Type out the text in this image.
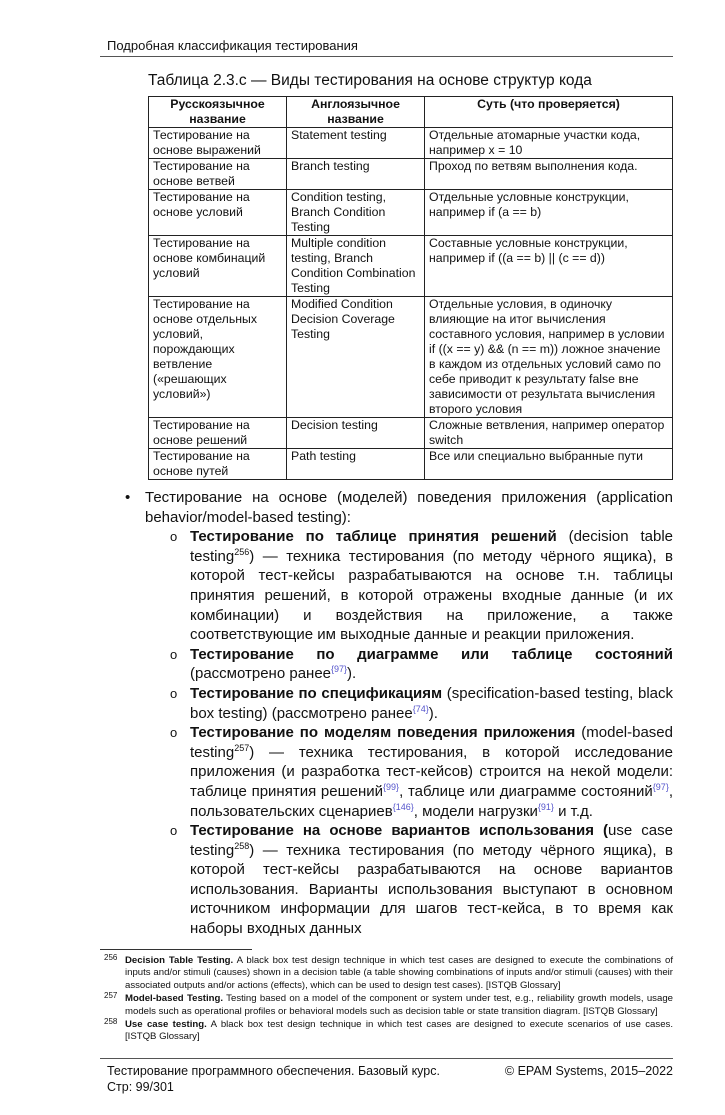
Подробная классификация тестирования
Таблица 2.3.c — Виды тестирования на основе структур кода
Русскоязычное название	Англоязычное название	Суть (что проверяется)
Тестирование на основе выражений	Statement testing	Отдельные атомарные участки кода, например x = 10
Тестирование на основе ветвей	Branch testing	Проход по ветвям выполнения кода.
Тестирование на основе условий	Condition testing, Branch Condition Testing	Отдельные условные конструкции, например if (a == b)
Тестирование на основе комбинаций условий	Multiple condition testing, Branch Condition Combination Testing	Составные условные конструкции, например if ((a == b) || (c == d))
Тестирование на основе отдельных условий, порождающих ветвление («решающих условий»)	Modified Condition Decision Coverage Testing	Отдельные условия, в одиночку влияющие на итог вычисления составного условия, например в условии if ((x == y) && (n == m)) ложное значение в каждом из отдельных условий само по себе приводит к результату false вне зависимости от результата вычисления второго условия
Тестирование на основе решений	Decision testing	Сложные ветвления, например оператор switch
Тестирование на основе путей	Path testing	Все или специально выбранные пути
• Тестирование на основе (моделей) поведения приложения (application behavior/model-based testing):
o Тестирование по таблице принятия решений (decision table testing$^{256}$) — техника тестирования (по методу чёрного ящика), в которой тест-кейсы разрабатываются на основе т.н. таблицы принятия решений, в которой отражены входные данные (и их комбинации) и воздействия на приложение, а также соответствующие им выходные данные и реакции приложения.
o Тестирование по диаграмме или таблице состояний (рассмотрено ранее$^{\{97\}}$).
o Тестирование по спецификациям (specification-based testing, black box testing) (рассмотрено ранее$^{\{74\}}$).
o Тестирование по моделям поведения приложения (model-based testing$^{257}$) — техника тестирования, в которой исследование приложения (и разработка тест-кейсов) строится на некой модели: таблице принятия решений$^{\{99\}}$, таблице или диаграмме состояний$^{\{97\}}$, пользовательских сценариев$^{\{146\}}$, модели нагрузки$^{\{91\}}$ и т.д.
o Тестирование на основе вариантов использования (use case testing$^{258}$) — техника тестирования (по методу чёрного ящика), в которой тест-кейсы разрабатываются на основе вариантов использования. Варианты использования выступают в основном источником информации для шагов тест-кейса, в то время как наборы входных данных
256 Decision Table Testing. A black box test design technique in which test cases are designed to execute the combinations of inputs and/or stimuli (causes) shown in a decision table (a table showing combinations of inputs and/or stimuli (causes) with their associated outputs and/or actions (effects), which can be used to design test cases). [ISTQB Glossary]
257 Model-based Testing. Testing based on a model of the component or system under test, e.g., reliability growth models, usage models such as operational profiles or behavioral models such as decision table or state transition diagram. [ISTQB Glossary]
258 Use case testing. A black box test design technique in which test cases are designed to execute scenarios of use cases. [ISTQB Glossary]
Тестирование программного обеспечения. Базовый курс.	© EPAM Systems, 2015–2022
Стр: 99/301
